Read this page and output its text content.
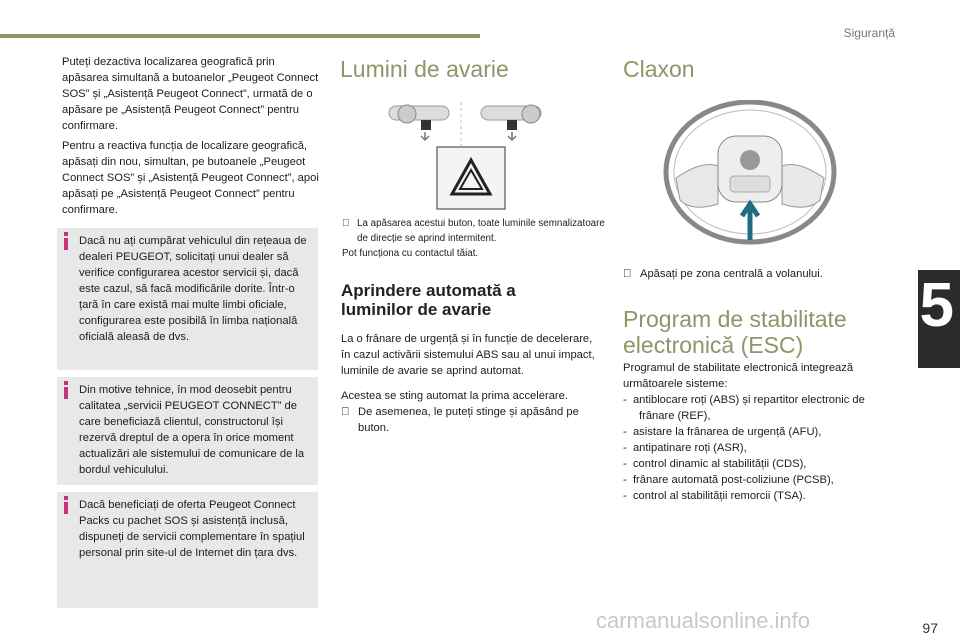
Siguranță
5

Puteți dezactiva localizarea geografică prin apăsarea simultană a butoanelor „Peugeot Connect SOS” și „Asistență Peugeot Connect”, urmată de o apăsare pe „Asistență Peugeot Connect” pentru confirmare.

Pentru a reactiva funcția de localizare geografică, apăsați din nou, simultan, pe butoanele „Peugeot Connect SOS” și „Asistență Peugeot Connect”, apoi apăsați pe „Asistență Peugeot Connect” pentru confirmare.

Dacă nu ați cumpărat vehiculul din rețeaua de dealeri PEUGEOT, solicitați unui dealer să verifice configurarea acestor servicii și, dacă este cazul, să facă modificările dorite. Într-o țară în care există mai multe limbi oficiale, configurarea este posibilă în limba națională oficială aleasă de dvs.
Din motive tehnice, în mod deosebit pentru calitatea „servicii PEUGEOT CONNECT” de care beneficiază clientul, constructorul își rezervă dreptul de a opera în orice moment actualizări ale sistemului de comunicare de la bordul vehiculului.
Dacă beneficiați de oferta Peugeot Connect Packs cu pachet SOS și asistență inclusă, dispuneți de servicii complementare în spațiul personal prin site-ul de Internet din țara dvs.
Lumini de avarie
La apăsarea acestui buton, toate luminile semnalizatoare de direcție se aprind intermitent.
Pot funcționa cu contactul tăiat.
Aprindere automată a luminilor de avarie

La o frânare de urgență și în funcție de decelerare, în cazul activării sistemului ABS sau al unui impact, luminile de avarie se aprind automat.

Acestea se sting automat la prima accelerare.

De asemenea, le puteți stinge și apăsând pe buton.
Claxon
Apăsați pe zona centrală a volanului.
Program de stabilitate electronică (ESC)

Programul de stabilitate electronică integrează următoarele sisteme:

-  antiblocare roți (ABS) și repartitor electronic de frânare (REF),
-  asistare la frânarea de urgență (AFU),
-  antipatinare roți (ASR),
-  control dinamic al stabilității (CDS),
-  frânare automată post-coliziune (PCSB),
-  control al stabilității remorcii (TSA).
97
carmanualsonline.info
